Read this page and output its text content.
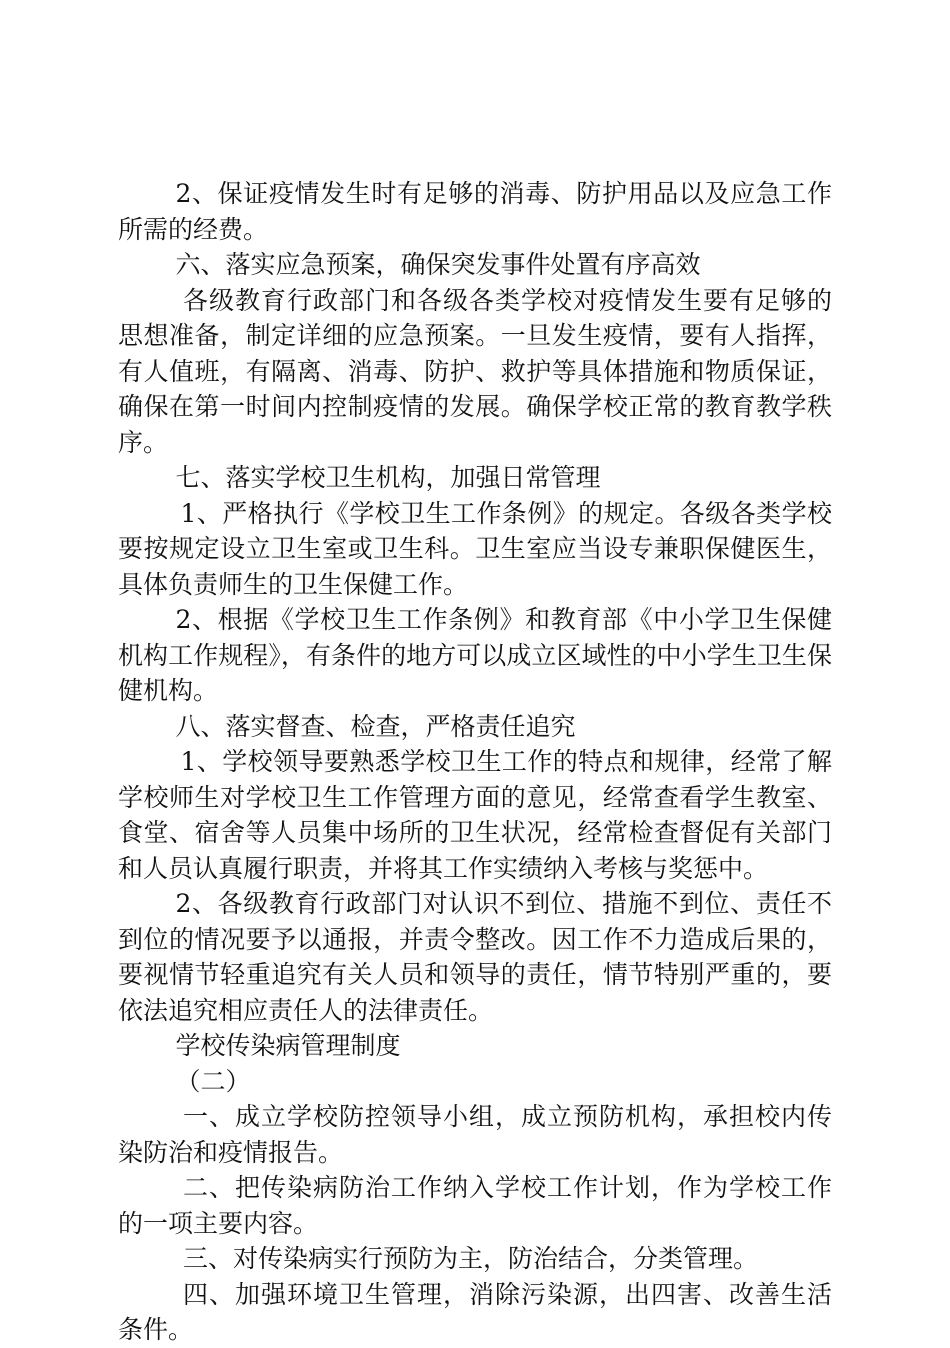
2、保证疫情发生时有足够的消毒、防护用品以及应急工作所需的经费。

六、落实应急预案，确保突发事件处置有序高效

各级教育行政部门和各级各类学校对疫情发生要有足够的思想准备，制定详细的应急预案。一旦发生疫情，要有人指挥，有人值班，有隔离、消毒、防护、救护等具体措施和物质保证，确保在第一时间内控制疫情的发展。确保学校正常的教育教学秩序。

七、落实学校卫生机构，加强日常管理

1、严格执行《学校卫生工作条例》的规定。各级各类学校要按规定设立卫生室或卫生科。卫生室应当设专兼职保健医生，具体负责师生的卫生保健工作。

2、根据《学校卫生工作条例》和教育部《中小学卫生保健机构工作规程》，有条件的地方可以成立区域性的中小学生卫生保健机构。

八、落实督查、检查，严格责任追究

1、学校领导要熟悉学校卫生工作的特点和规律，经常了解学校师生对学校卫生工作管理方面的意见，经常查看学生教室、食堂、宿舍等人员集中场所的卫生状况，经常检查督促有关部门和人员认真履行职责，并将其工作实绩纳入考核与奖惩中。

2、各级教育行政部门对认识不到位、措施不到位、责任不到位的情况要予以通报，并责令整改。因工作不力造成后果的，要视情节轻重追究有关人员和领导的责任，情节特别严重的，要依法追究相应责任人的法律责任。

学校传染病管理制度

（二）

一、成立学校防控领导小组，成立预防机构，承担校内传染防治和疫情报告。

二、把传染病防治工作纳入学校工作计划，作为学校工作的一项主要内容。

三、对传染病实行预防为主，防治结合，分类管理。

四、加强环境卫生管理，消除污染源，出四害、改善生活条件。
